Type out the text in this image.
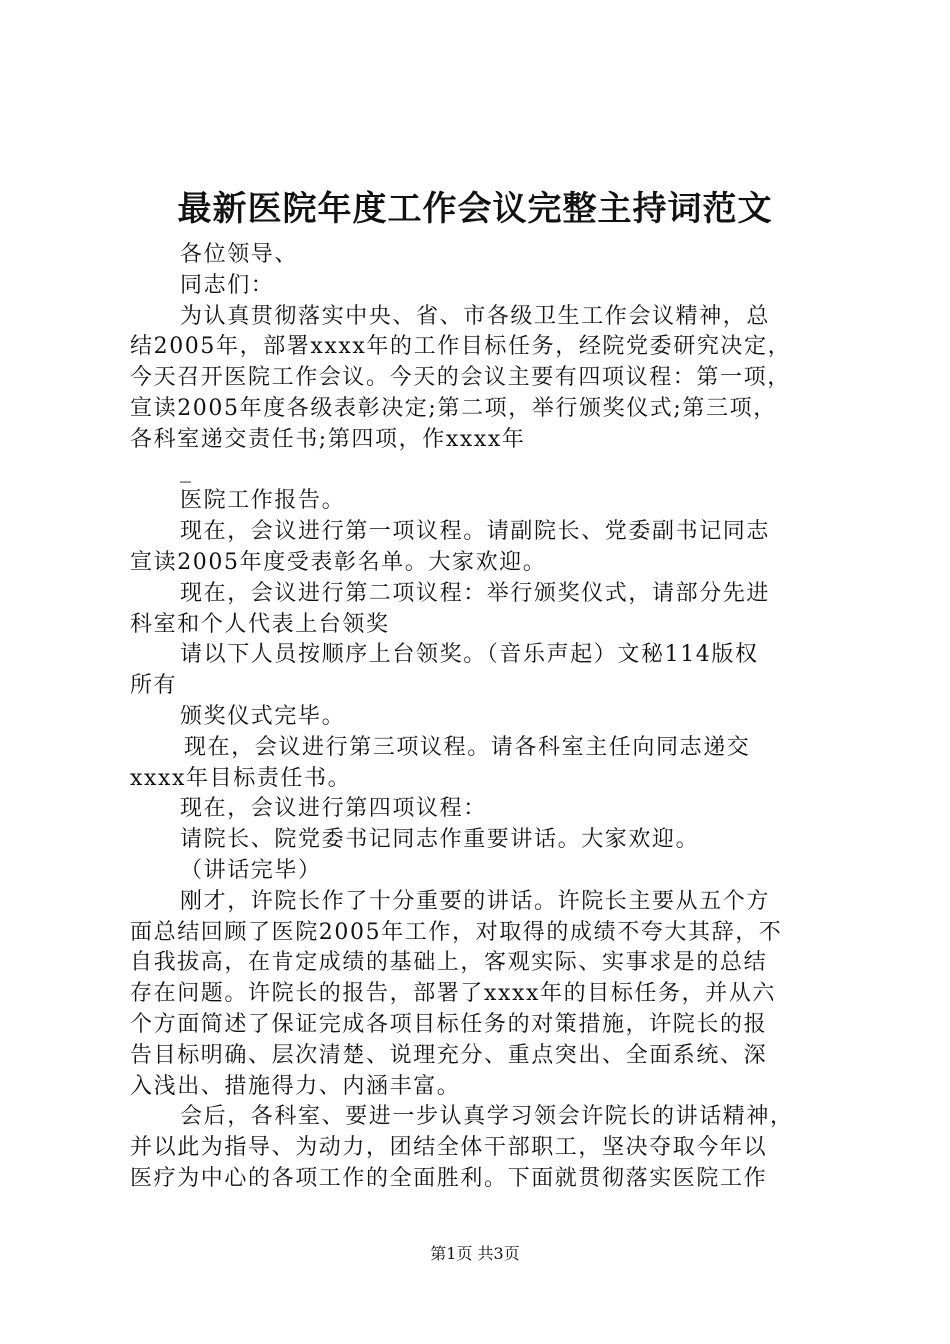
最新医院年度工作会议完整主持词范文
各位领导、
同志们：
为认真贯彻落实中央、省、市各级卫生工作会议精神，总
结2005年，部署xxxx年的工作目标任务，经院党委研究决定，
今天召开医院工作会议。今天的会议主要有四项议程：第一项，
宣读2005年度各级表彰决定;第二项，举行颁奖仪式;第三项，
各科室递交责任书;第四项，作xxxx年
_
医院工作报告。
现在，会议进行第一项议程。请副院长、党委副书记同志
宣读2005年度受表彰名单。大家欢迎。
现在，会议进行第二项议程：举行颁奖仪式，请部分先进
科室和个人代表上台领奖
请以下人员按顺序上台领奖。（音乐声起）文秘114版权
所有
颁奖仪式完毕。
现在，会议进行第三项议程。请各科室主任向同志递交
xxxx年目标责任书。
现在，会议进行第四项议程：
请院长、院党委书记同志作重要讲话。大家欢迎。
（讲话完毕）
刚才，许院长作了十分重要的讲话。许院长主要从五个方
面总结回顾了医院2005年工作，对取得的成绩不夸大其辞，不
自我拔高，在肯定成绩的基础上，客观实际、实事求是的总结
存在问题。许院长的报告，部署了xxxx年的目标任务，并从六
个方面简述了保证完成各项目标任务的对策措施，许院长的报
告目标明确、层次清楚、说理充分、重点突出、全面系统、深
入浅出、措施得力、内涵丰富。
会后，各科室、要进一步认真学习领会许院长的讲话精神，
并以此为指导、为动力，团结全体干部职工，坚决夺取今年以
医疗为中心的各项工作的全面胜利。下面就贯彻落实医院工作
第1页 共3页
